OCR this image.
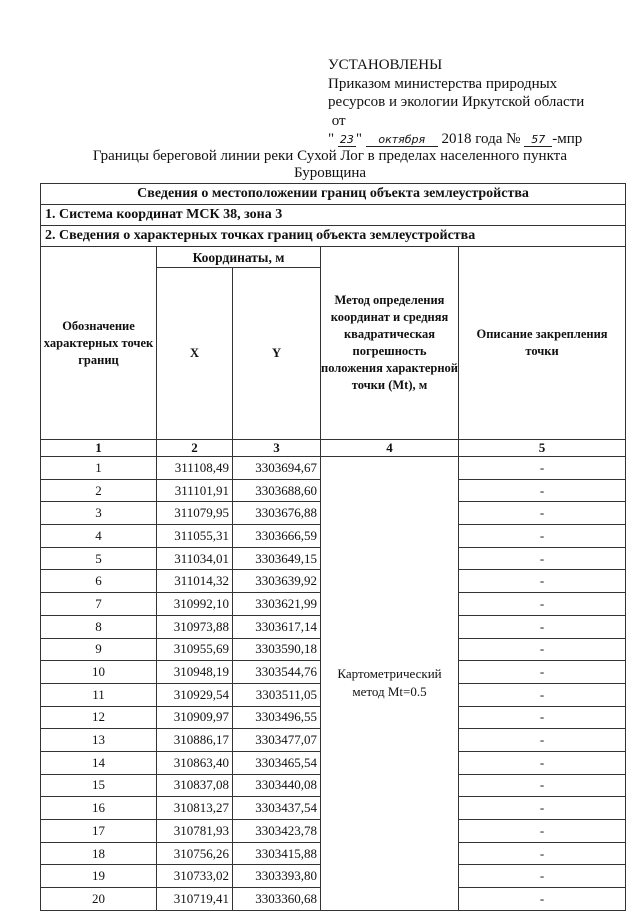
УСТАНОВЛЕНЫ
Приказом министерства природных
ресурсов и экологии Иркутской области
от
" 23 " октября 2018 года № 57 -мпр
Границы береговой линии реки Сухой Лог в пределах населенного пункта
Буровщина
Сведения о местоположении границ объекта землеустройства				
1. Система координат МСК 38, зона 3				
2. Сведения о характерных точках границ объекта землеустройства				
Обозначение характерных точек границ	Координаты, м		Метод определения координат и средняя квадратическая погрешность положения характерной точки (Mt), м	Описание закрепления точки
	X	Y		
1	2	3	4	5
1	311108,49	3303694,67	Картометрический метод Mt=0.5	-
2	311101,91	3303688,60		-
3	311079,95	3303676,88		-
4	311055,31	3303666,59		-
5	311034,01	3303649,15		-
6	311014,32	3303639,92		-
7	310992,10	3303621,99		-
8	310973,88	3303617,14		-
9	310955,69	3303590,18		-
10	310948,19	3303544,76		-
11	310929,54	3303511,05		-
12	310909,97	3303496,55		-
13	310886,17	3303477,07		-
14	310863,40	3303465,54		-
15	310837,08	3303440,08		-
16	310813,27	3303437,54		-
17	310781,93	3303423,78		-
18	310756,26	3303415,88		-
19	310733,02	3303393,80		-
20	310719,41	3303360,68		-
